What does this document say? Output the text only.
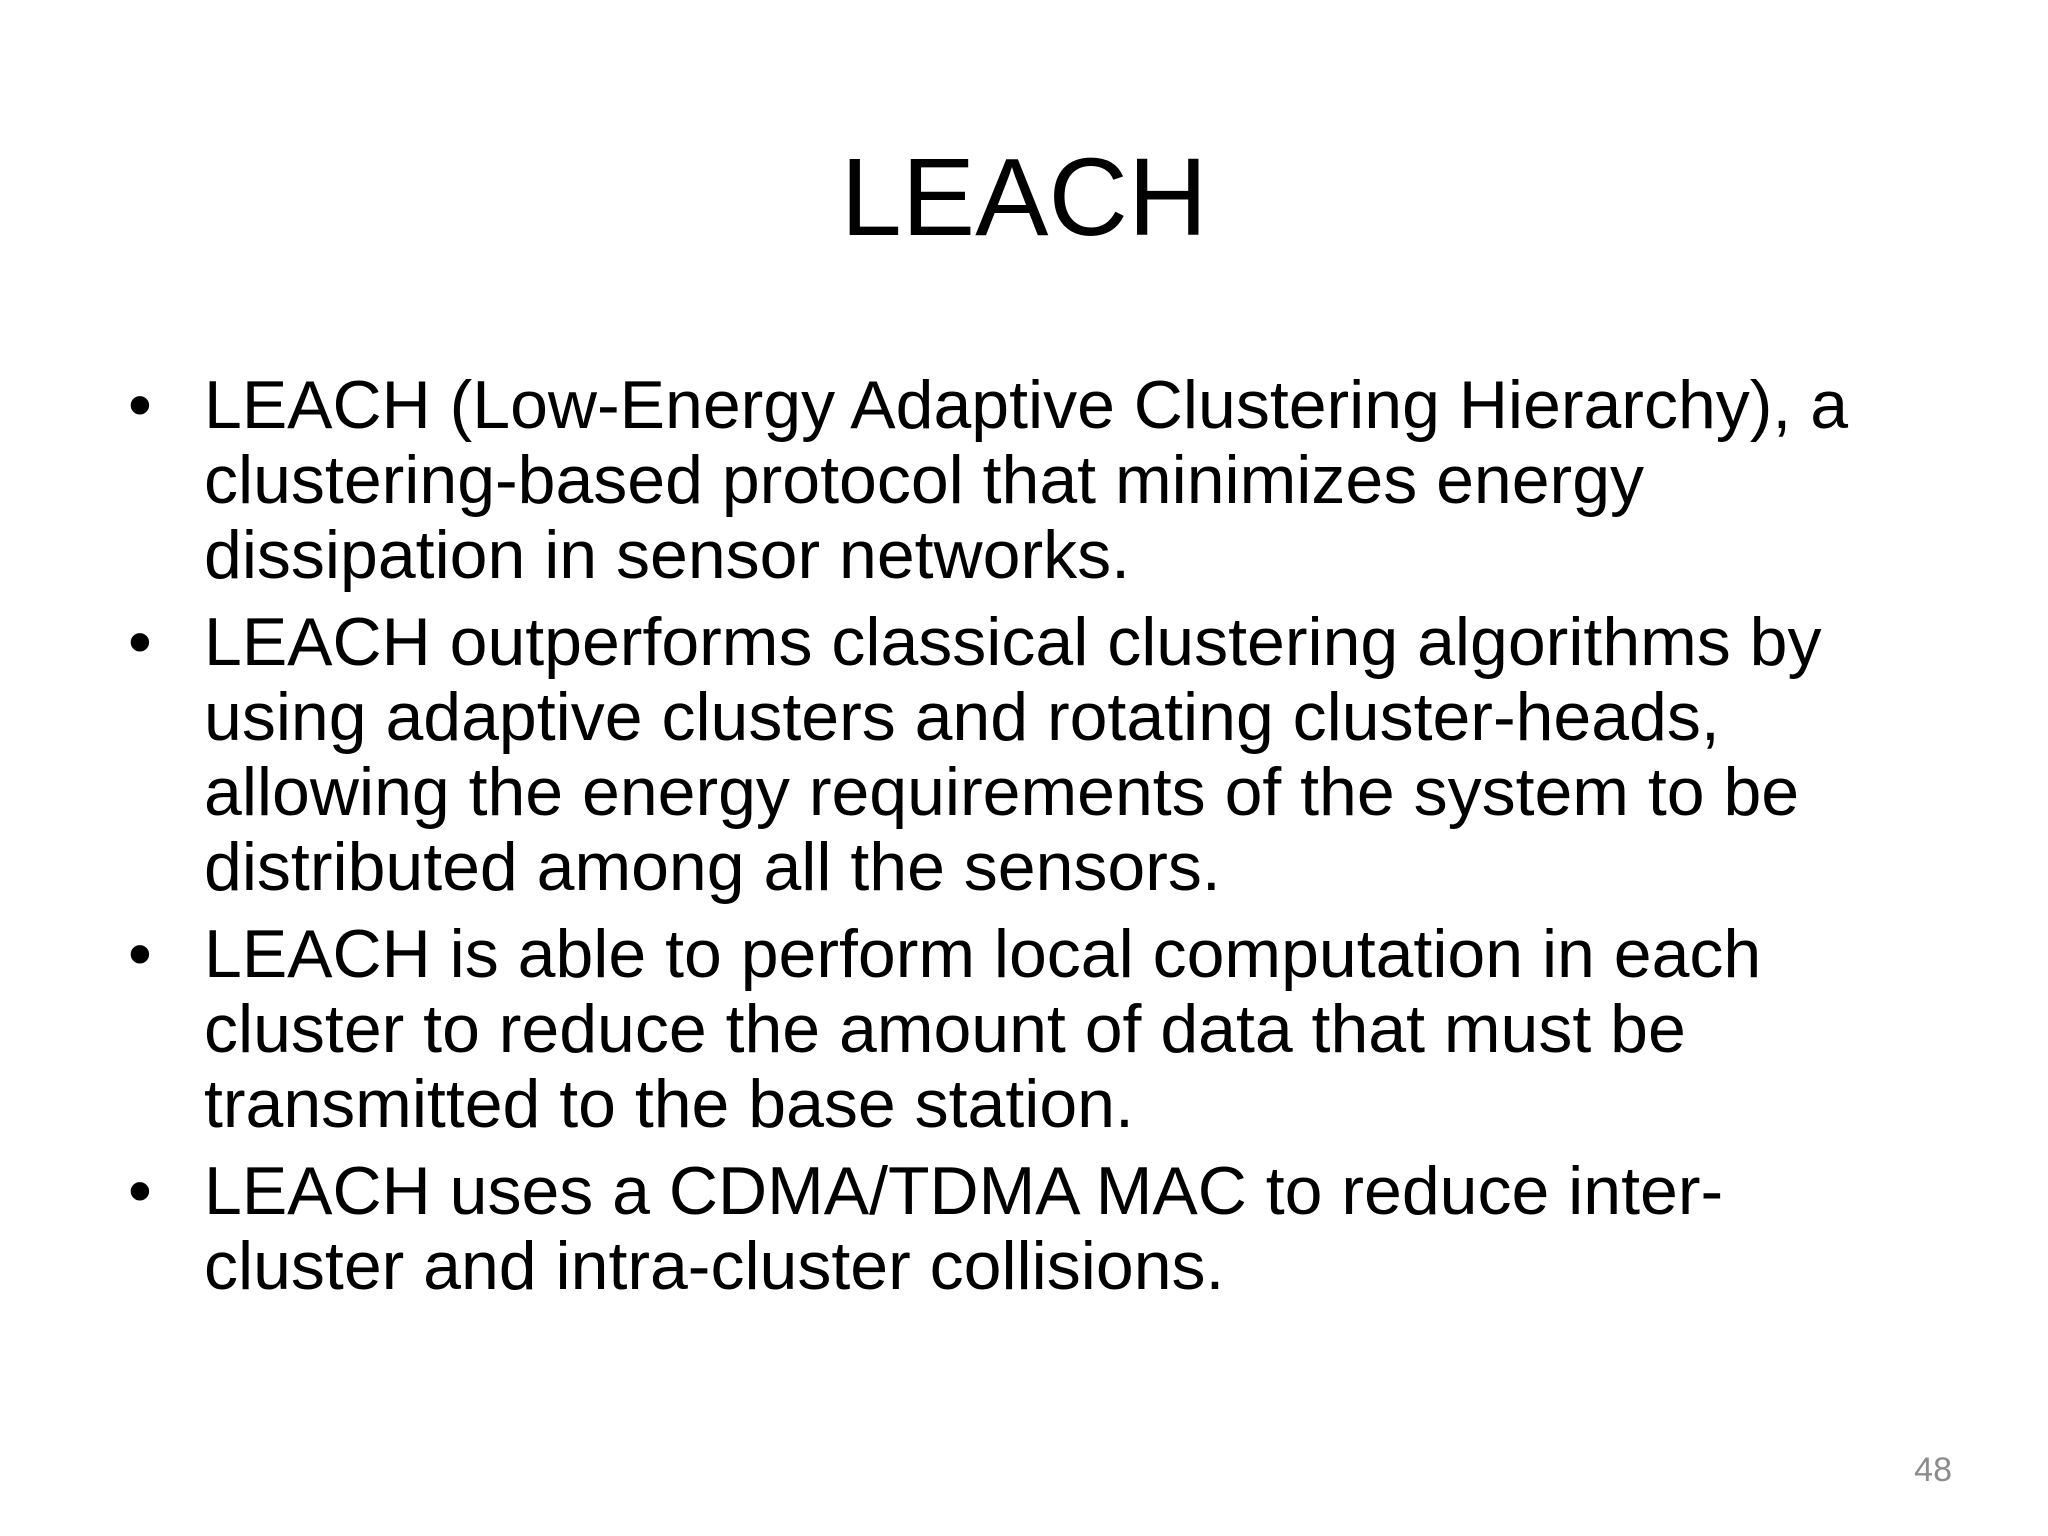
LEACH
• LEACH (Low-Energy Adaptive Clustering Hierarchy), a clustering-based protocol that minimizes energy dissipation in sensor networks.
• LEACH outperforms classical clustering algorithms by using adaptive clusters and rotating cluster-heads, allowing the energy requirements of the system to be distributed among all the sensors.
• LEACH is able to perform local computation in each cluster to reduce the amount of data that must be transmitted to the base station.
• LEACH uses a CDMA/TDMA MAC to reduce inter-cluster and intra-cluster collisions.
48
